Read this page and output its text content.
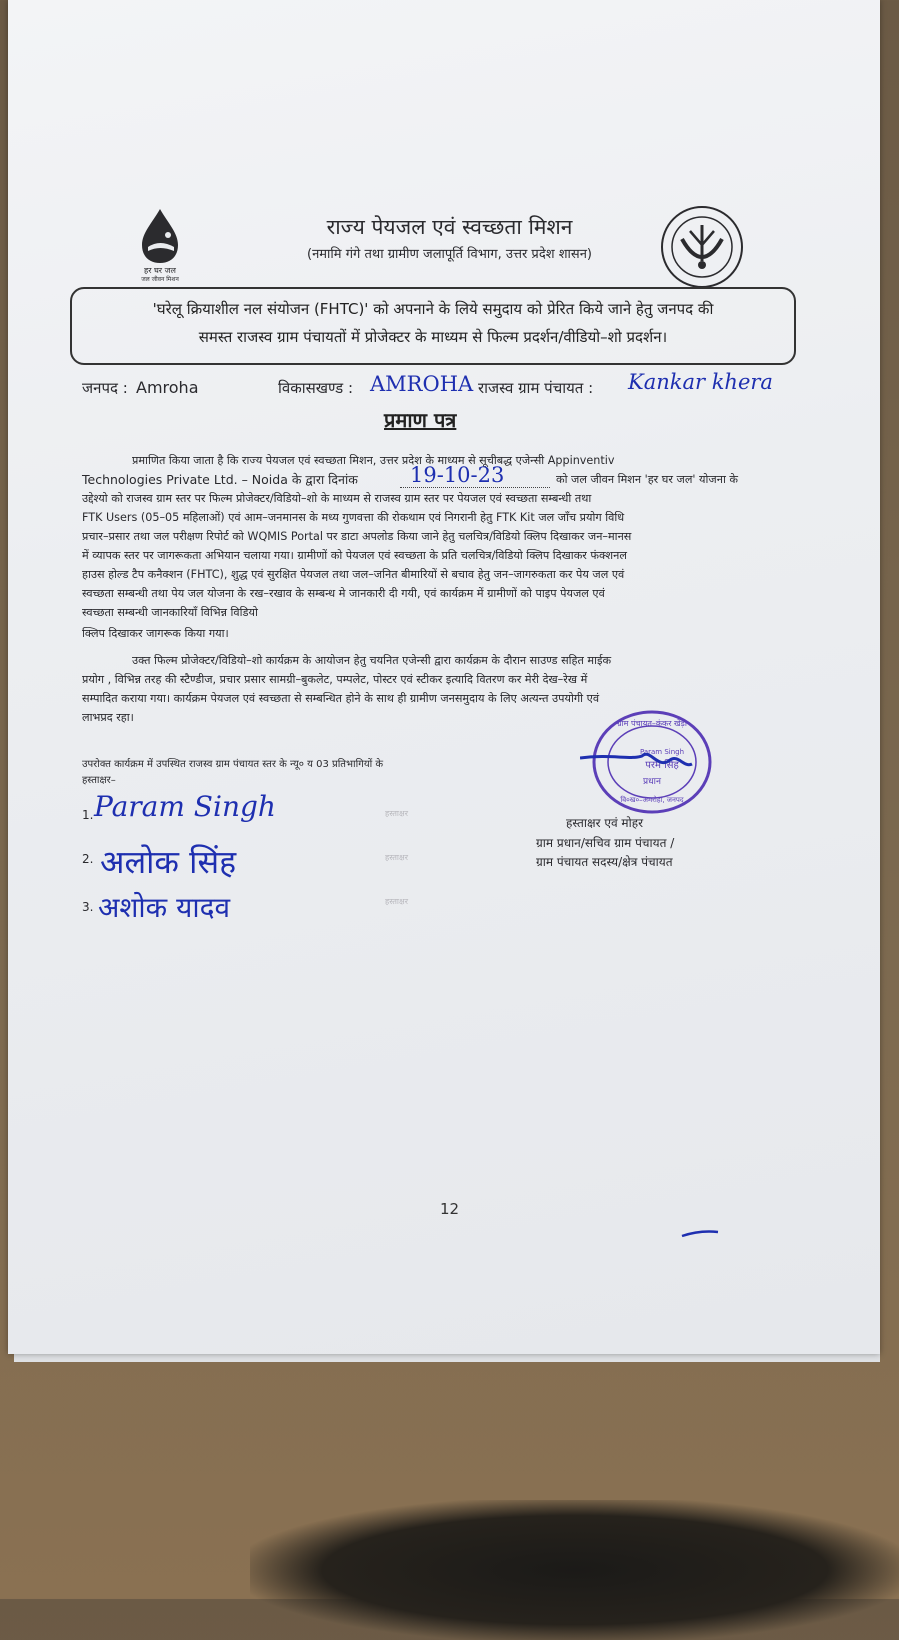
हर घर जल
जल जीवन मिशन
राज्य पेयजल एवं स्वच्छता मिशन
(नमामि गंगे तथा ग्रामीण जलापूर्ति विभाग, उत्तर प्रदेश शासन)
'घरेलू क्रियाशील नल संयोजन (FHTC)' को अपनाने के लिये समुदाय को प्रेरित किये जाने हेतु जनपद की
समस्त राजस्व ग्राम पंचायतों में प्रोजेक्टर के माध्यम से फिल्म प्रदर्शन/वीडियो–शो प्रदर्शन।
जनपद : Amroha	विकासखण्ड : AMROHA राजस्व ग्राम पंचायत : Kankar khera
प्रमाण पत्र
प्रमाणित किया जाता है कि राज्य पेयजल एवं स्वच्छता मिशन, उत्तर प्रदेश के माध्यम से सूचीबद्ध एजेन्सी Appinventiv
Technologies Private Ltd. – Noida के द्वारा दिनांक 19-10-23	को जल जीवन मिशन 'हर घर जल' योजना के
उद्देश्यो को राजस्व ग्राम स्तर पर फिल्म प्रोजेक्टर/विडियो–शो के माध्यम से राजस्व ग्राम स्तर पर पेयजल एवं स्वच्छता सम्बन्धी तथा
FTK Users (05–05 महिलाओं) एवं आम–जनमानस के मध्य गुणवत्ता की रोकथाम एवं निगरानी हेतु FTK Kit जल जाँच प्रयोग विधि
प्रचार–प्रसार तथा जल परीक्षण रिपोर्ट को WQMIS Portal पर डाटा अपलोड किया जाने हेतु चलचित्र/विडियो क्लिप दिखाकर जन–मानस
में व्यापक स्तर पर जागरूकता अभियान चलाया गया। ग्रामीणों को पेयजल एवं स्वच्छता के प्रति चलचित्र/विडियो क्लिप दिखाकर फंक्शनल
हाउस होल्ड टैप कनैक्शन (FHTC), शुद्ध एवं सुरक्षित पेयजल तथा जल–जनित बीमारियों से बचाव हेतु जन–जागरुकता कर पेय जल एवं
स्वच्छता सम्बन्धी तथा पेय जल योजना के रख–रखाव के सम्बन्ध मे जानकारी दी गयी, एवं कार्यक्रम में ग्रामीणों को पाइप पेयजल एवं
स्वच्छता सम्बन्धी जानकारियाँ विभिन्न विडियो
क्लिप दिखाकर जागरूक किया गया।
उक्त फिल्म प्रोजेक्टर/विडियो–शो कार्यक्रम के आयोजन हेतु चयनित एजेन्सी द्वारा कार्यक्रम के दौरान साउण्ड सहित माईक
प्रयोग , विभिन्न तरह की स्टैण्डीज, प्रचार प्रसार सामग्री–बुकलेट, पम्पलेट, पोस्टर एवं स्टीकर इत्यादि वितरण कर मेरी देख–रेख में
सम्पादित कराया गया। कार्यक्रम पेयजल एवं स्वच्छता से सम्बन्धित होने के साथ ही ग्रामीण जनसमुदाय के लिए अत्यन्त उपयोगी एवं
लाभप्रद रहा।
उपरोक्त कार्यक्रम में उपस्थित राजस्व ग्राम पंचायत स्तर के न्यू० य 03 प्रतिभागियों के
हस्ताक्षर–
1. Param Singh
2. अलोक सिंह
3. अशोक यादव
हस्ताक्षर
हस्ताक्षर
हस्ताक्षर
ग्राम पंचायत–कंकर खेड़ा
Param Singh
परम सिंह
प्रधान
वि०ख०–अमरोहा, जनपद
हस्ताक्षर एवं मोहर
ग्राम प्रधान/सचिव ग्राम पंचायत /
ग्राम पंचायत सदस्य/क्षेत्र पंचायत
12
